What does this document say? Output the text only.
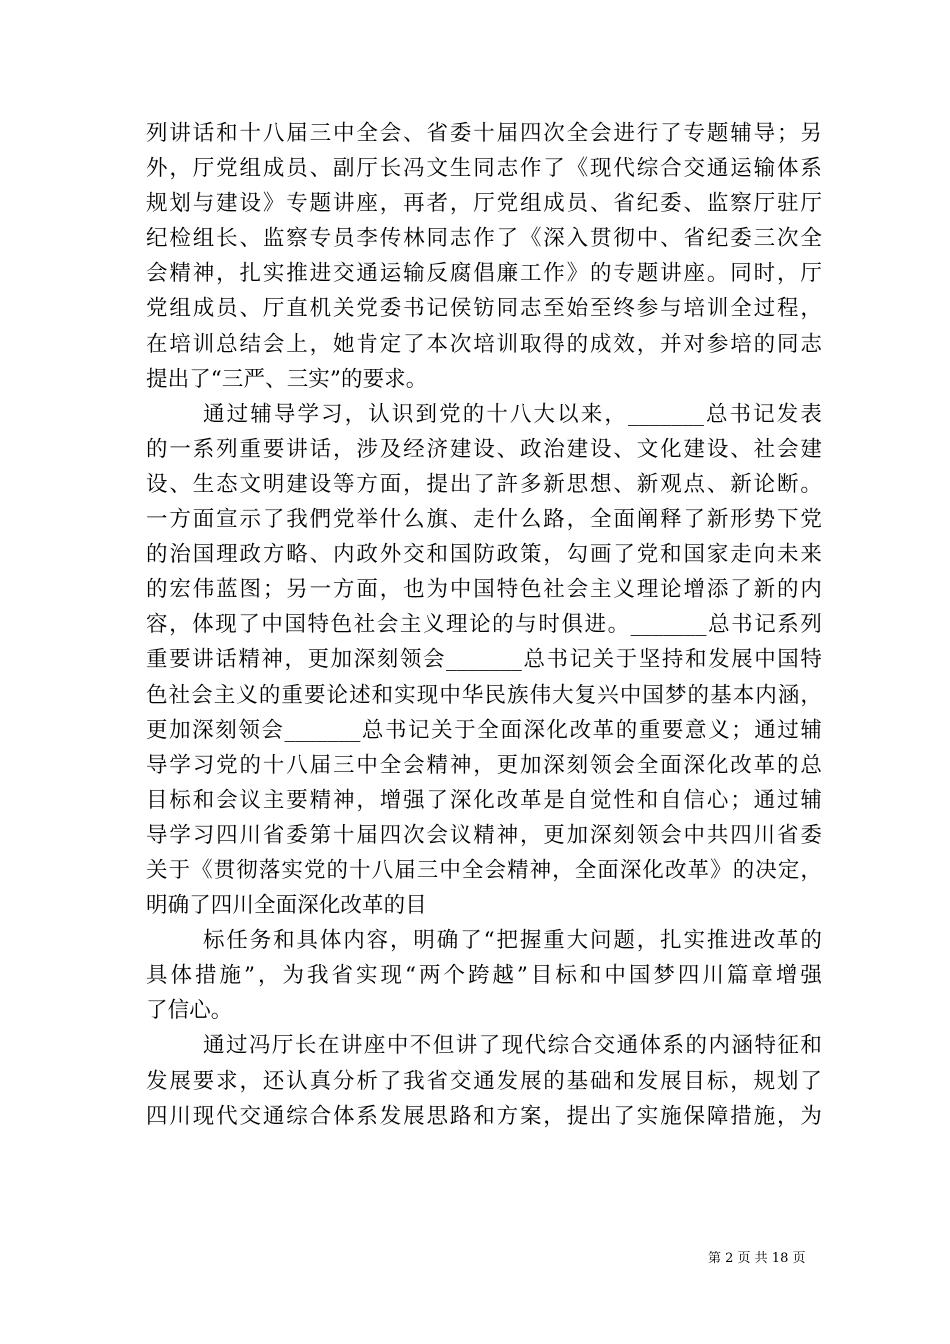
列讲话和十八届三中全会、省委十届四次全会进行了专题辅导；另
外，厅党组成员、副厅长冯文生同志作了《现代综合交通运输体系
规划与建设》专题讲座，再者，厅党组成员、省纪委、监察厅驻厅
纪检组长、监察专员李传林同志作了《深入贯彻中、省纪委三次全
会精神，扎实推进交通运输反腐倡廉工作》的专题讲座。同时，厅
党组成员、厅直机关党委书记侯钫同志至始至终参与培训全过程，
在培训总结会上，她肯定了本次培训取得的成效，并对参培的同志
提出了“三严、三实”的要求。
通过辅导学习，认识到党的十八大以来，_______总书记发表
的一系列重要讲话，涉及经济建设、政治建设、文化建设、社会建
设、生态文明建设等方面，提出了許多新思想、新观点、新论断。
一方面宣示了我們党举什么旗、走什么路，全面阐释了新形势下党
的治国理政方略、内政外交和国防政策，勾画了党和国家走向未来
的宏伟蓝图；另一方面，也为中国特色社会主义理论增添了新的内
容，体现了中国特色社会主义理论的与时俱进。_______总书记系列
重要讲话精神，更加深刻领会_______总书记关于坚持和发展中国特
色社会主义的重要论述和实现中华民族伟大复兴中国梦的基本内涵，
更加深刻领会_______总书记关于全面深化改革的重要意义；通过辅
导学习党的十八届三中全会精神，更加深刻领会全面深化改革的总
目标和会议主要精神，增强了深化改革是自觉性和自信心；通过辅
导学习四川省委第十届四次会议精神，更加深刻领会中共四川省委
关于《贯彻落实党的十八届三中全会精神，全面深化改革》的决定，
明确了四川全面深化改革的目
标任务和具体内容，明确了“把握重大问题，扎实推进改革的
具体措施”，为我省实现“两个跨越”目标和中国梦四川篇章增强
了信心。
通过冯厅长在讲座中不但讲了现代综合交通体系的内涵特征和
发展要求，还认真分析了我省交通发展的基础和发展目标，规划了
四川现代交通综合体系发展思路和方案，提出了实施保障措施，为
第 2 页 共 18 页
